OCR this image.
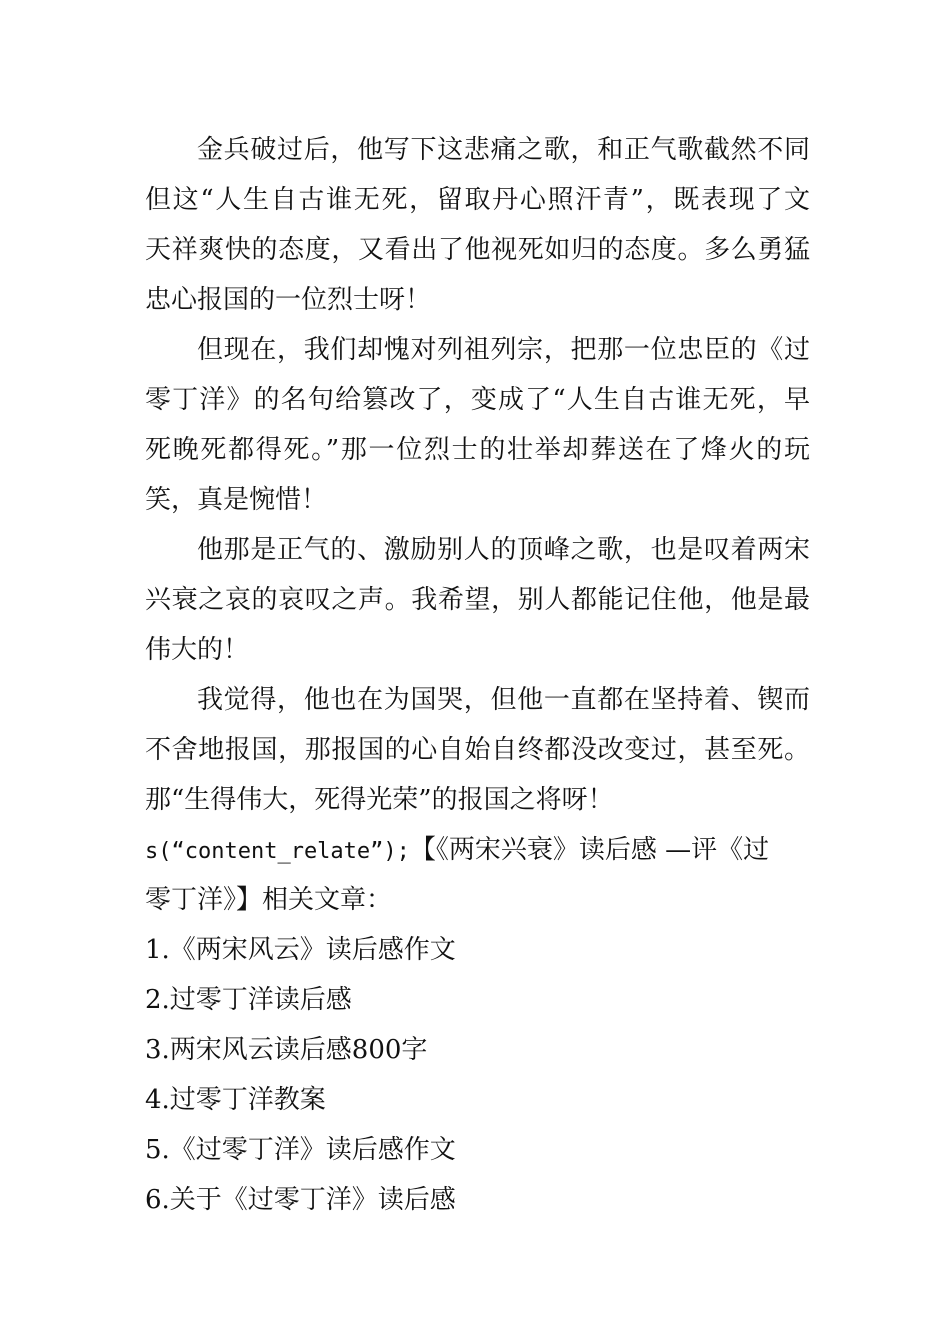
金兵破过后，他写下这悲痛之歌，和正气歌截然不同
但这“人生自古谁无死，留取丹心照汗青”，既表现了文
天祥爽快的态度，又看出了他视死如归的态度。多么勇猛
忠心报国的一位烈士呀！
但现在，我们却愧对列祖列宗，把那一位忠臣的《过
零丁洋》的名句给篡改了，变成了“人生自古谁无死，早
死晚死都得死。”那一位烈士的壮举却葬送在了烽火的玩
笑，真是惋惜！
他那是正气的、激励别人的顶峰之歌，也是叹着两宋
兴衰之哀的哀叹之声。我希望，别人都能记住他，他是最
伟大的！
我觉得，他也在为国哭，但他一直都在坚持着、锲而
不舍地报国，那报国的心自始自终都没改变过，甚至死。
那“生得伟大，死得光荣”的报国之将呀！
s(“content_relate”);【《两宋兴衰》读后感 —评《过
零丁洋》】相关文章：
1.《两宋风云》读后感作文
2.过零丁洋读后感
3.两宋风云读后感800字
4.过零丁洋教案
5.《过零丁洋》读后感作文
6.关于《过零丁洋》读后感
